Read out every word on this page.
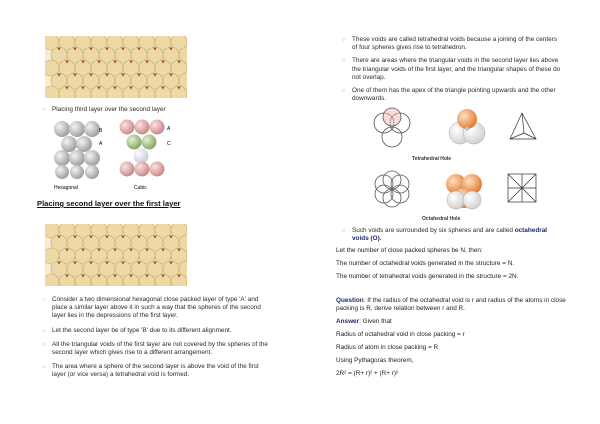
○ Placing third layer over the second layer
B
A
Hexagonal
A
C
Cubic
Placing second layer over the first layer
○ Consider a two dimensional hexagonal close packed layer of type 'A' and place a similar layer above it in such a way that the spheres of the second layer lies in the depressions of the first layer.
○ Let the second layer be of type 'B' due to its different alignment.
○ All the triangular voids of the first layer are not covered by the spheres of the second layer which gives rise to a different arrangement.
○ The area where a sphere of the second layer is above the void of the first layer (or vice versa) a tetrahedral void is formed.
○ These voids are called tetrahedral voids because a joining of the centers of four spheres gives rise to tetrahedron.
○ There are areas where the triangular voids in the second layer lies above the triangular voids of the first layer, and the triangular shapes of these do not overlap.
○ One of them has the apex of the triangle pointing upwards and the other downwards.
Tetrahedral Hole
Octahedral Hole
○ Such voids are surrounded by six spheres and are called octahedral voids (O).
Let the number of close packed spheres be N, then:
The number of octahedral voids generated in the structure = N.
The number of tetrahedral voids generated in the structure = 2N.
Question: If the radius of the octahedral void is r and radius of the atoms in close packing is R, derive relation between r and R.
Answer: Given that
Radius of octahedral void in close packing = r
Radius of atom in close packing = R
Using Pythagoras theorem,
2R² = (R+ r)² + (R+ r)²
